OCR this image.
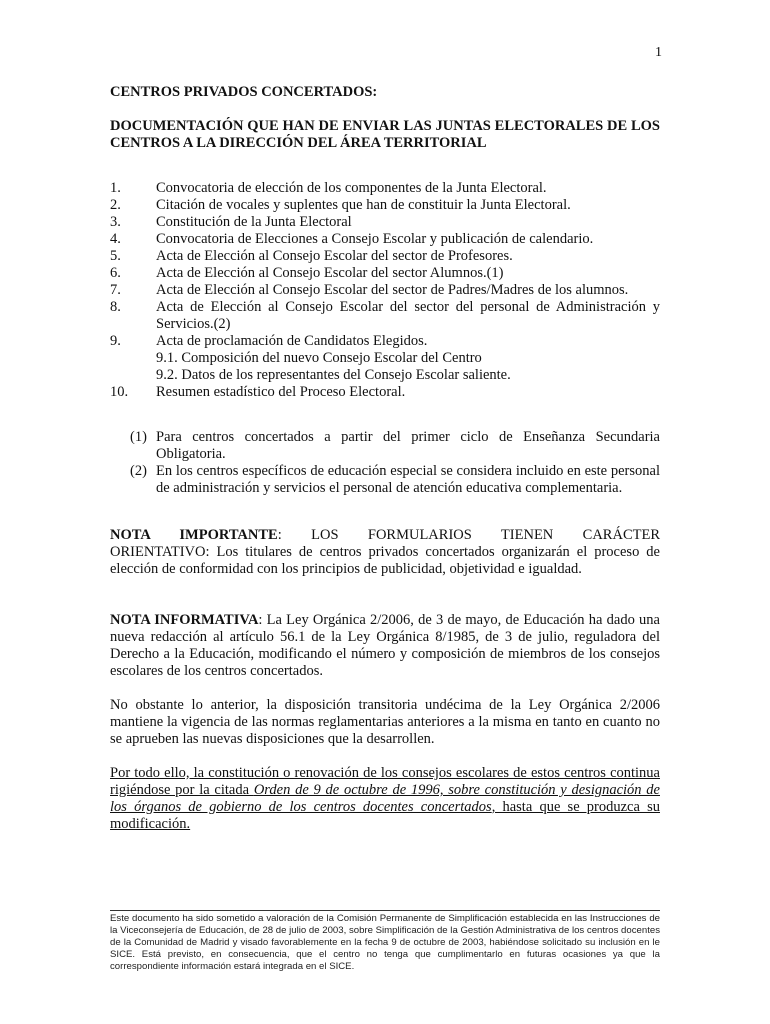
1

CENTROS PRIVADOS CONCERTADOS:

DOCUMENTACIÓN QUE HAN DE ENVIAR LAS JUNTAS ELECTORALES DE LOS CENTROS A LA DIRECCIÓN DEL ÁREA TERRITORIAL

1.	Convocatoria de elección de los componentes de la Junta Electoral.
2.	Citación de vocales y suplentes que han de constituir la Junta Electoral.
3.	Constitución de la Junta Electoral
4.	Convocatoria de Elecciones a Consejo Escolar y publicación de calendario.
5.	Acta de Elección al Consejo Escolar del sector de Profesores.
6.	Acta de Elección al Consejo Escolar del sector Alumnos.(1)
7.	Acta de Elección al Consejo Escolar del sector de Padres/Madres de los alumnos.
8.	Acta de Elección al Consejo Escolar del sector del personal de Administración y Servicios.(2)
9.	Acta de proclamación de Candidatos Elegidos.
9.1. Composición del nuevo Consejo Escolar del Centro
9.2. Datos de los representantes del Consejo Escolar saliente.
10.	Resumen estadístico del Proceso Electoral.
(1) Para centros concertados a partir del primer ciclo de Enseñanza Secundaria Obligatoria.
(2) En los centros específicos de educación especial se considera incluido en este personal de administración y servicios el personal de atención educativa complementaria.
NOTA IMPORTANTE: LOS FORMULARIOS TIENEN CARÁCTER
ORIENTATIVO: Los titulares de centros privados concertados organizarán el proceso de elección de conformidad con los principios de publicidad, objetividad e igualdad.

NOTA INFORMATIVA: La Ley Orgánica 2/2006, de 3 de mayo, de Educación ha dado una nueva redacción al artículo 56.1 de la Ley Orgánica 8/1985, de 3 de julio, reguladora del Derecho a la Educación, modificando el número y composición de miembros de los consejos escolares de los centros concertados.

No obstante lo anterior, la disposición transitoria undécima de la Ley Orgánica 2/2006 mantiene la vigencia de las normas reglamentarias anteriores a la misma en tanto en cuanto no se aprueben las nuevas disposiciones que la desarrollen.

Por todo ello, la constitución o renovación de los consejos escolares de estos centros continua rigiéndose por la citada Orden de 9 de octubre de 1996, sobre constitución y designación de los órganos de gobierno de los centros docentes concertados, hasta que se produzca su modificación.

Este documento ha sido sometido a valoración de la Comisión Permanente de Simplificación establecida en las Instrucciones de la Viceconsejería de Educación, de 28 de julio de 2003, sobre Simplificación de la Gestión Administrativa de los centros docentes de la Comunidad de Madrid y visado favorablemente en la fecha 9 de octubre de 2003, habiéndose solicitado su inclusión en le SICE. Está previsto, en consecuencia, que el centro no tenga que cumplimentarlo en futuras ocasiones ya que la correspondiente información estará integrada en el SICE.
